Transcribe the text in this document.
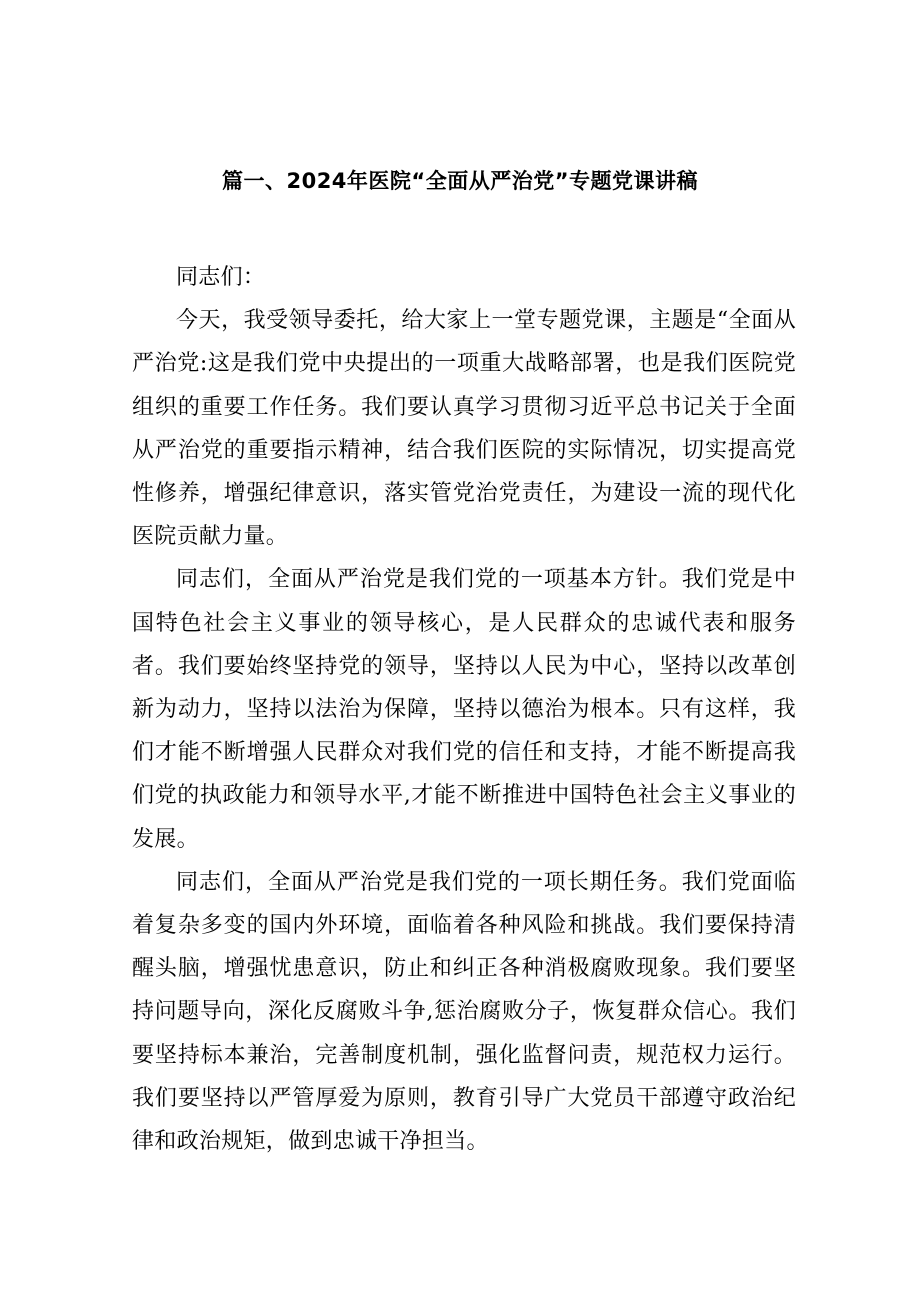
篇一、2024年医院“全面从严治党”专题党课讲稿

同志们：

今天，我受领导委托，给大家上一堂专题党课，主题是“全面从严治党:这是我们党中央提出的一项重大战略部署，也是我们医院党组织的重要工作任务。我们要认真学习贯彻习近平总书记关于全面从严治党的重要指示精神，结合我们医院的实际情况，切实提高党性修养，增强纪律意识，落实管党治党责任，为建设一流的现代化医院贡献力量。

同志们，全面从严治党是我们党的一项基本方针。我们党是中国特色社会主义事业的领导核心，是人民群众的忠诚代表和服务者。我们要始终坚持党的领导，坚持以人民为中心，坚持以改革创新为动力，坚持以法治为保障，坚持以德治为根本。只有这样，我们才能不断增强人民群众对我们党的信任和支持，才能不断提高我们党的执政能力和领导水平,才能不断推进中国特色社会主义事业的发展。

同志们，全面从严治党是我们党的一项长期任务。我们党面临着复杂多变的国内外环境，面临着各种风险和挑战。我们要保持清醒头脑，增强忧患意识，防止和纠正各种消极腐败现象。我们要坚持问题导向，深化反腐败斗争,惩治腐败分子，恢复群众信心。我们要坚持标本兼治，完善制度机制，强化监督问责，规范权力运行。我们要坚持以严管厚爱为原则，教育引导广大党员干部遵守政治纪律和政治规矩，做到忠诚干净担当。
